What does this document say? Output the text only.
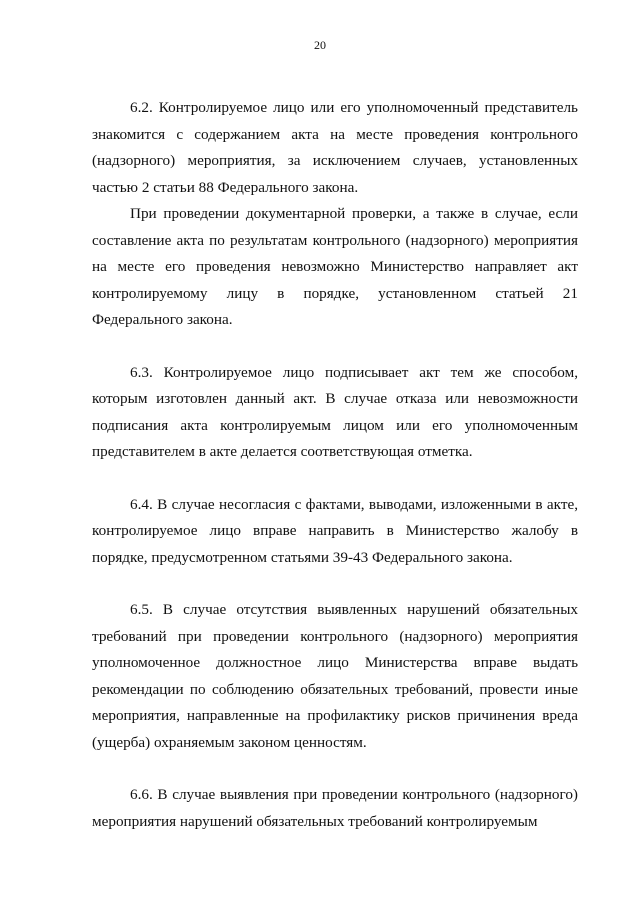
20

6.2. Контролируемое лицо или его уполномоченный представитель знакомится с содержанием акта на месте проведения контрольного (надзорного) мероприятия, за исключением случаев, установленных частью 2 статьи 88 Федерального закона.

При проведении документарной проверки, а также в случае, если составление акта по результатам контрольного (надзорного) мероприятия на месте его проведения невозможно Министерство направляет акт контролируемому лицу в порядке, установленном статьей 21 Федерального закона.

6.3. Контролируемое лицо подписывает акт тем же способом, которым изготовлен данный акт. В случае отказа или невозможности подписания акта контролируемым лицом или его уполномоченным представителем в акте делается соответствующая отметка.

6.4. В случае несогласия с фактами, выводами, изложенными в акте, контролируемое лицо вправе направить в Министерство жалобу в порядке, предусмотренном статьями 39-43 Федерального закона.

6.5. В случае отсутствия выявленных нарушений обязательных требований при проведении контрольного (надзорного) мероприятия уполномоченное должностное лицо Министерства вправе выдать рекомендации по соблюдению обязательных требований, провести иные мероприятия, направленные на профилактику рисков причинения вреда (ущерба) охраняемым законом ценностям.

6.6. В случае выявления при проведении контрольного (надзорного) мероприятия нарушений обязательных требований контролируемым
